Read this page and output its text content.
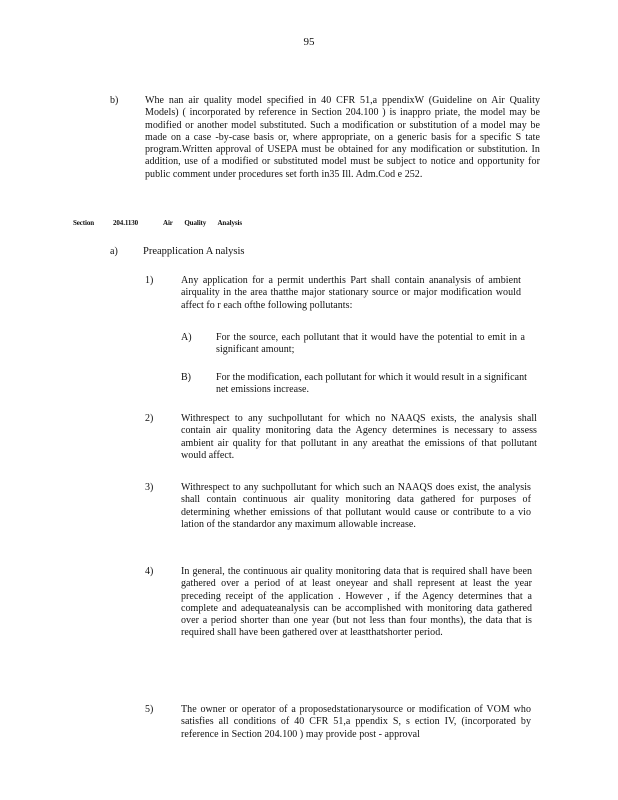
95
b)	Whe nan air quality model specified in 40 CFR 51,a ppendixW (Guideline on Air Quality Models) ( incorporated by reference in Section 204.100 ) is inappro priate, the model may be modified or another model substituted. Such a modification or substitution of a model may be made on a case -by-case basis or, where appropriate, on a generic basis for a specific S tate program.Written approval of USEPA must be obtained for any modification or substitution. In addition, use of a modified or substituted model must be subject to notice and opportunity for public comment under procedures set forth in35 Ill. Adm.Cod e 252.
Section	204.1130	Air Quality Analysis
a) Preapplication A nalysis
1)	Any application for a permit underthis Part shall contain ananalysis of ambient airquality in the area thatthe major stationary source or major modification would affect fo r each ofthe following pollutants:
A) For the source, each pollutant that it would have the potential to emit in a significant amount;
B)	For the modification, each pollutant for which it would result in a significant net emissions increase.
2)	Withrespect to any suchpollutant for which no NAAQS exists, the analysis shall contain air quality monitoring data the Agency determines is necessary to assess ambient air quality for that pollutant in any areathat the emissions of that pollutant would affect.
3)	Withrespect to any suchpollutant for which such an NAAQS does exist, the analysis shall contain continuous air quality monitoring data gathered for purposes of determining whether emissions of that pollutant would cause or contribute to a vio lation of the standardor any maximum allowable increase.
4)	In general, the continuous air quality monitoring data that is required shall have been gathered over a period of at least oneyear and shall represent at least the year preceding receipt of the application . However , if the Agency determines that a complete and adequateanalysis can be accomplished with monitoring data gathered over a period shorter than one year (but not less than four months), the data that is required shall have been gathered over at leastthatshorter period.
5)	The owner or operator of a proposedstationarysource or modification of VOM who satisfies all conditions of 40 CFR 51,a ppendix S, s ection IV, (incorporated by reference in Section 204.100 ) may provide post - approval
